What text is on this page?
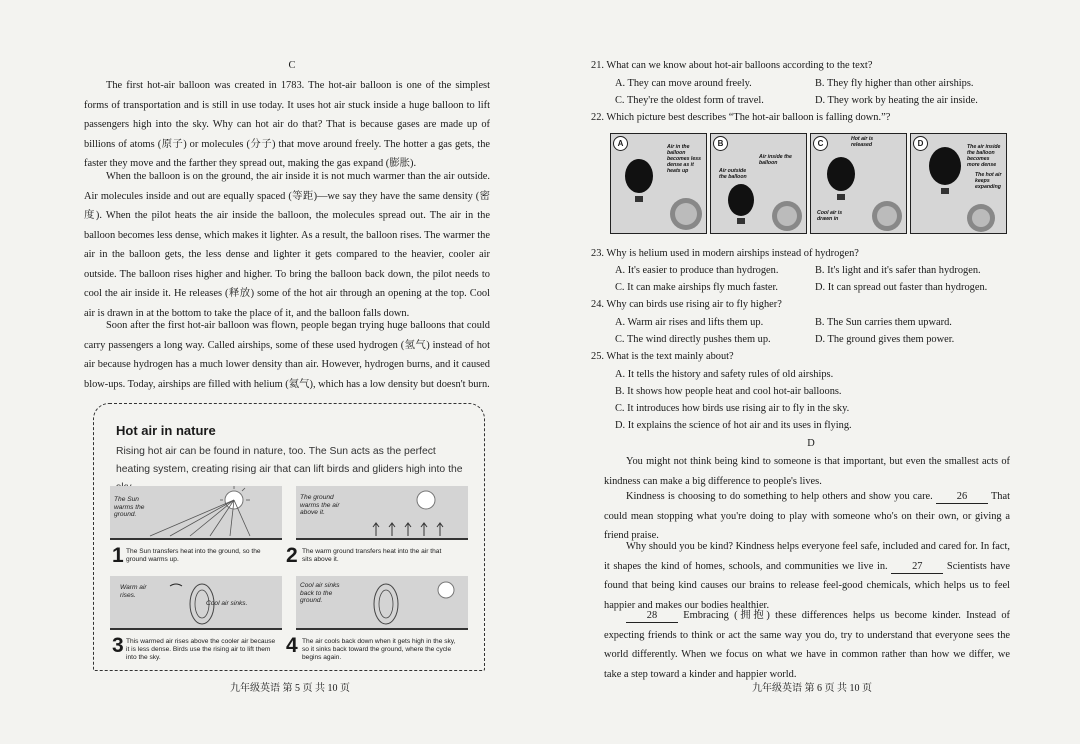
C
The first hot-air balloon was created in 1783. The hot-air balloon is one of the simplest forms of transportation and is still in use today. It uses hot air stuck inside a huge balloon to lift passengers high into the sky. Why can hot air do that? That is because gases are made up of billions of atoms (原子) or molecules (分子) that move around freely. The hotter a gas gets, the faster they move and the farther they spread out, making the gas expand (膨胀).
When the balloon is on the ground, the air inside it is not much warmer than the air outside. Air molecules inside and out are equally spaced (等距)—we say they have the same density (密度). When the pilot heats the air inside the balloon, the molecules spread out. The air in the balloon becomes less dense, which makes it lighter. As a result, the balloon rises. The warmer the air in the balloon gets, the less dense and lighter it gets compared to the heavier, cooler air outside. The balloon rises higher and higher. To bring the balloon back down, the pilot needs to cool the air inside it. He releases (释放) some of the hot air through an opening at the top. Cool air is drawn in at the bottom to take the place of it, and the balloon falls down.
Soon after the first hot-air balloon was flown, people began trying huge balloons that could carry passengers a long way. Called airships, some of these used hydrogen (氢气) instead of hot air because hydrogen has a much lower density than air. However, hydrogen burns, and it caused blow-ups. Today, airships are filled with helium (氦气), which has a low density but doesn't burn.
Hot air in nature
Rising hot air can be found in nature, too. The Sun acts as the perfect heating system, creating rising air that can lift birds and gliders high into the
The Sun warms the ground.
1 The Sun transfers heat into the ground, so the ground warms up.
The ground warms the air above it.
2 The warm ground transfers heat into the air that sits above it.
Warm air rises.
Cool air sinks.
3 This warmed air rises above the cooler air because it is less dense. Birds use the rising air to lift them into the sky.
Cool air sinks back to the ground.
4 The air cools back down when it gets high in the sky, so it sinks back toward the ground, where the cycle begins again.
九年级英语 第 5 页 共 10 页
21. What can we know about hot-air balloons according to the text?
A. They can move around freely.	B. They fly higher than other airships.
C. They're the oldest form of travel.	D. They work by heating the air inside.
22. Which picture best describes “The hot-air balloon is falling down.”?
A	Air in the balloon becomes less dense as it heats up
B
Air inside the balloon
Air outside the balloon
C	Hot air is released
Cool air is drawn in
D	The air inside the balloon becomes more dense
The hot air keeps expanding
23. Why is helium used in modern airships instead of hydrogen?
A. It's easier to produce than hydrogen.	B. It's light and it's safer than hydrogen.
C. It can make airships fly much faster.	D. It can spread out faster than hydrogen.
24. Why can birds use rising air to fly higher?
A. Warm air rises and lifts them up.	B. The Sun carries them upward.
C. The wind directly pushes them up.	D. The ground gives them power.
25. What is the text mainly about?
A. It tells the history and safety rules of old airships.
B. It shows how people heat and cool hot-air balloons.
C. It introduces how birds use rising air to fly in the sky.
D. It explains the science of hot air and its uses in flying.
D
You might not think being kind to someone is that important, but even the smallest acts of kindness can make a big difference to people's lives.
Kindness is choosing to do something to help others and show you care. 26 That could mean stopping what you're doing to play with someone who's on their own, or giving a friend praise.
Why should you be kind? Kindness helps everyone feel safe, included and cared for. In fact, it shapes the kind of homes, schools, and communities we live in. 27 Scientists have found that being kind causes our brains to release feel-good chemicals, which helps us to feel happier and makes our bodies healthier.
28	Embracing (拥抱) these differences helps us become kinder. Instead of expecting friends to think or act the same way you do, try to understand that everyone sees the world differently. When we focus on what we have in common rather than how we differ, we take a step toward a kinder and happier world.
九年级英语 第 6 页 共 10 页
